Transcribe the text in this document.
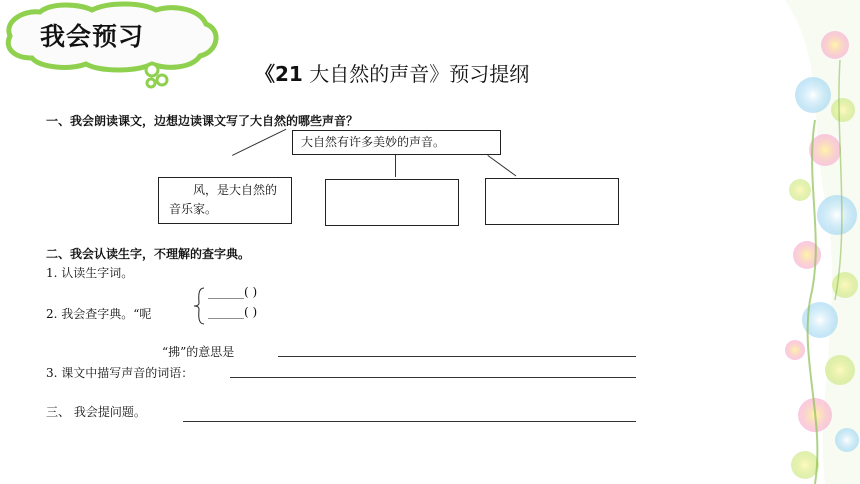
我会预习
《21 大自然的声音》预习提纲
一、我会朗读课文，边想边读课文写了大自然的哪些声音？
大自然有许多美妙的声音。
风，是大自然的音乐家。
二、我会认读生字，不理解的查字典。
1. 认读生字词。
2. 我会查字典。“呢
______( )
______( )
“拂”的意思是
3. 课文中描写声音的词语：
三、 我会提问题。
